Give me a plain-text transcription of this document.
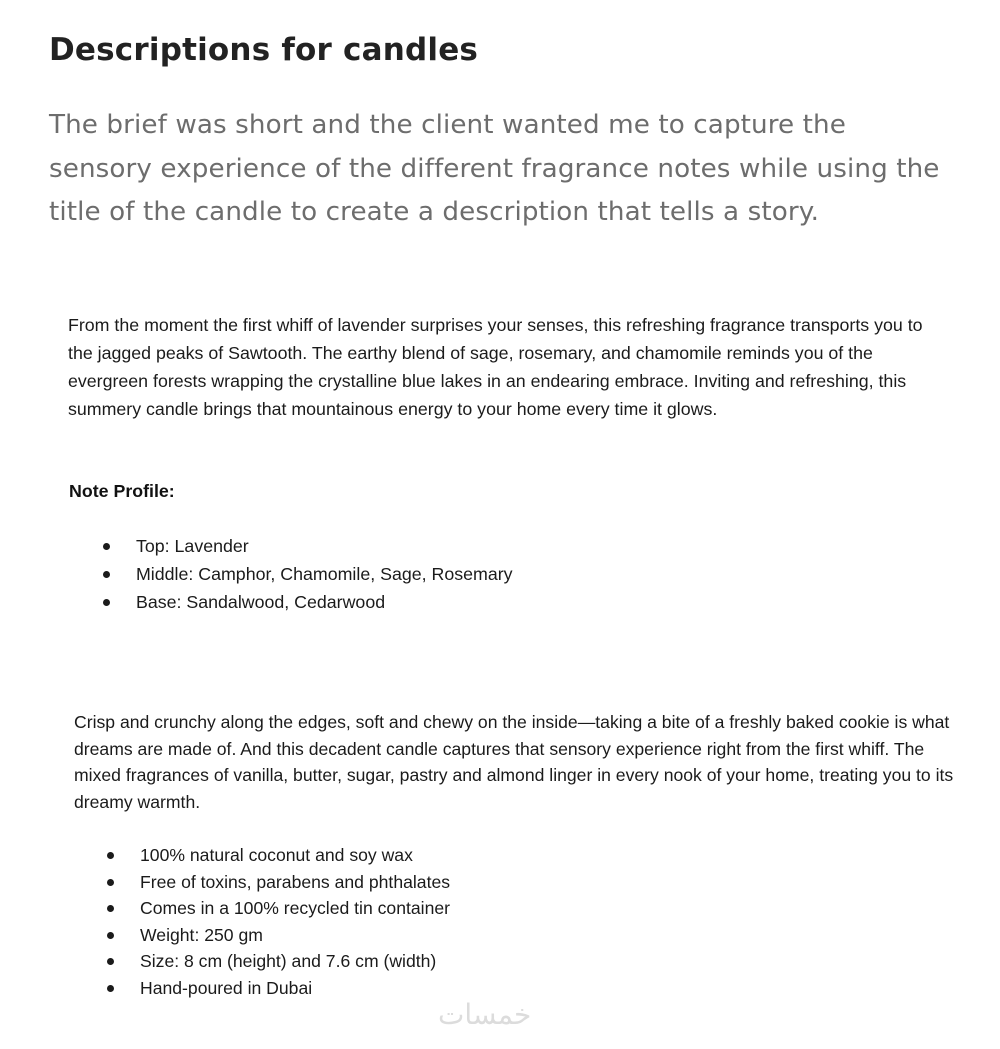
Descriptions for candles

The brief was short and the client wanted me to capture the sensory experience of the different fragrance notes while using the title of the candle to create a description that tells a story.

From the moment the first whiff of lavender surprises your senses, this refreshing fragrance transports you to the jagged peaks of Sawtooth. The earthy blend of sage, rosemary, and chamomile reminds you of the evergreen forests wrapping the crystalline blue lakes in an endearing embrace. Inviting and refreshing, this summery candle brings that mountainous energy to your home every time it glows.

Note Profile:

Top: Lavender
Middle: Camphor, Chamomile, Sage, Rosemary
Base: Sandalwood, Cedarwood

Crisp and crunchy along the edges, soft and chewy on the inside—taking a bite of a freshly baked cookie is what dreams are made of. And this decadent candle captures that sensory experience right from the first whiff. The mixed fragrances of vanilla, butter, sugar, pastry and almond linger in every nook of your home, treating you to its dreamy warmth.

100% natural coconut and soy wax
Free of toxins, parabens and phthalates
Comes in a 100% recycled tin container
Weight: 250 gm
Size: 8 cm (height) and 7.6 cm (width)
Hand-poured in Dubai
خمسات
